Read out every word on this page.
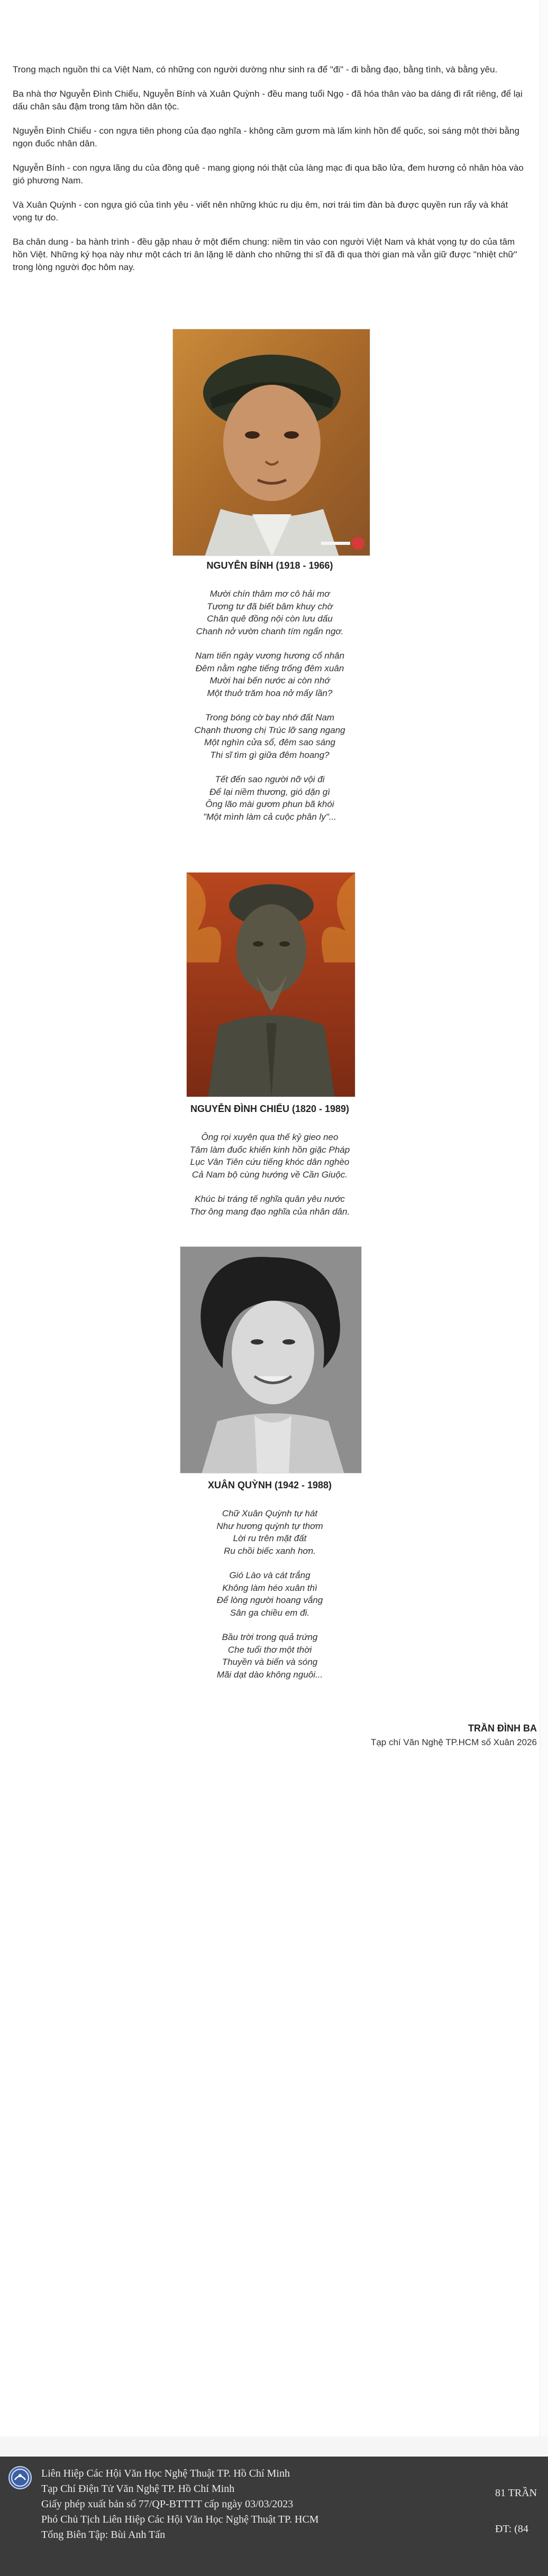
Trong mạch nguồn thi ca Việt Nam, có những con người dường như sinh ra để "đi" - đi bằng đạo, bằng tình, và bằng yêu.

Ba nhà thơ Nguyễn Đình Chiểu, Nguyễn Bính và Xuân Quỳnh - đều mang tuổi Ngọ - đã hóa thân vào ba dáng đi rất riêng, để lại dấu chân sâu đậm trong tâm hồn dân tộc.

Nguyễn Đình Chiểu - con ngựa tiên phong của đạo nghĩa - không cầm gươm mà lấm kinh hồn để quốc, soi sáng một thời bằng ngọn đuốc nhân dân.

Nguyễn Bính - con ngựa lãng du của đồng quê - mang giọng nói thật của làng mạc đi qua bão lửa, đem hương cỏ nhân hòa vào gió phương Nam.

Và Xuân Quỳnh - con ngựa gió của tình yêu - viết nên những khúc ru dịu êm, nơi trái tim đàn bà được quyền run rẩy và khát vọng tự do.

Ba chân dung - ba hành trình - đều gặp nhau ở một điểm chung: niềm tin vào con người Việt Nam và khát vọng tự do của tâm hồn Việt. Những ký họa này như một cách tri ân lặng lẽ dành cho những thi sĩ đã đi qua thời gian mà vẫn giữ được "nhiệt chữ" trong lòng người đọc hôm nay.

NGUYỄN BÍNH (1918 - 1966)
Mười chín thâm mơ cô hải mơ
Tương tư đã biết bâm khuy chờ
Chân quê đồng nội còn lưu dấu
Chanh nở vườn chanh tím ngẩn ngơ.
Nam tiến ngày vương hương cổ nhân
Đêm nằm nghe tiếng trống đêm xuân
Mười hai bến nước ai còn nhớ
Một thuở trăm hoa nở mấy lần?
Trong bóng cờ bay nhớ đất Nam
Chạnh thương chị Trúc lỡ sang ngang
Một nghìn cửa sổ, đêm sao sáng
Thi sĩ tìm gì giữa đêm hoang?
Tết đến sao người nỡ vội đi
Để lại niềm thương, gió dặn gì
Ông lão mài gươm phun bã khói
"Một mình làm cả cuộc phân ly"...
NGUYỄN ĐÌNH CHIỂU (1820 - 1989)
Ông rọi xuyên qua thế kỷ gieo neo
Tâm làm đuốc khiến kinh hồn giặc Pháp
Lục Vân Tiên cứu tiếng khóc dân nghèo
Cả Nam bộ cùng hướng về Cần Giuộc.
Khúc bi tráng tế nghĩa quân yêu nước
Thơ ông mang đạo nghĩa của nhân dân.
XUÂN QUỲNH (1942 - 1988)
Chữ Xuân Quỳnh tự hát
Như hương quỳnh tự thơm
Lời ru trên mặt đất
Ru chồi biếc xanh hơn.
Gió Lào và cát trắng
Không làm héo xuân thì
Để lòng người hoang vắng
Sân ga chiều em đi.
Bầu trời trong quả trứng
Che tuổi thơ một thời
Thuyền và biển và sóng
Mãi dạt dào không nguôi...
TRẦN ĐÌNH BA
Tạp chí Văn Nghệ TP.HCM số Xuân 2026
Liên Hiệp Các Hội Văn Học Nghệ Thuật TP. Hồ Chí Minh
Tạp Chí Điện Tử Văn Nghệ TP. Hồ Chí Minh
Giấy phép xuất bản số 77/QP-BTTTT cấp ngày 03/03/2023
Phó Chủ Tịch Liên Hiệp Các Hội Văn Học Nghệ Thuật TP. HCM
Tổng Biên Tập: Bùi Anh Tấn
81 TRẦN
ĐT: (84
